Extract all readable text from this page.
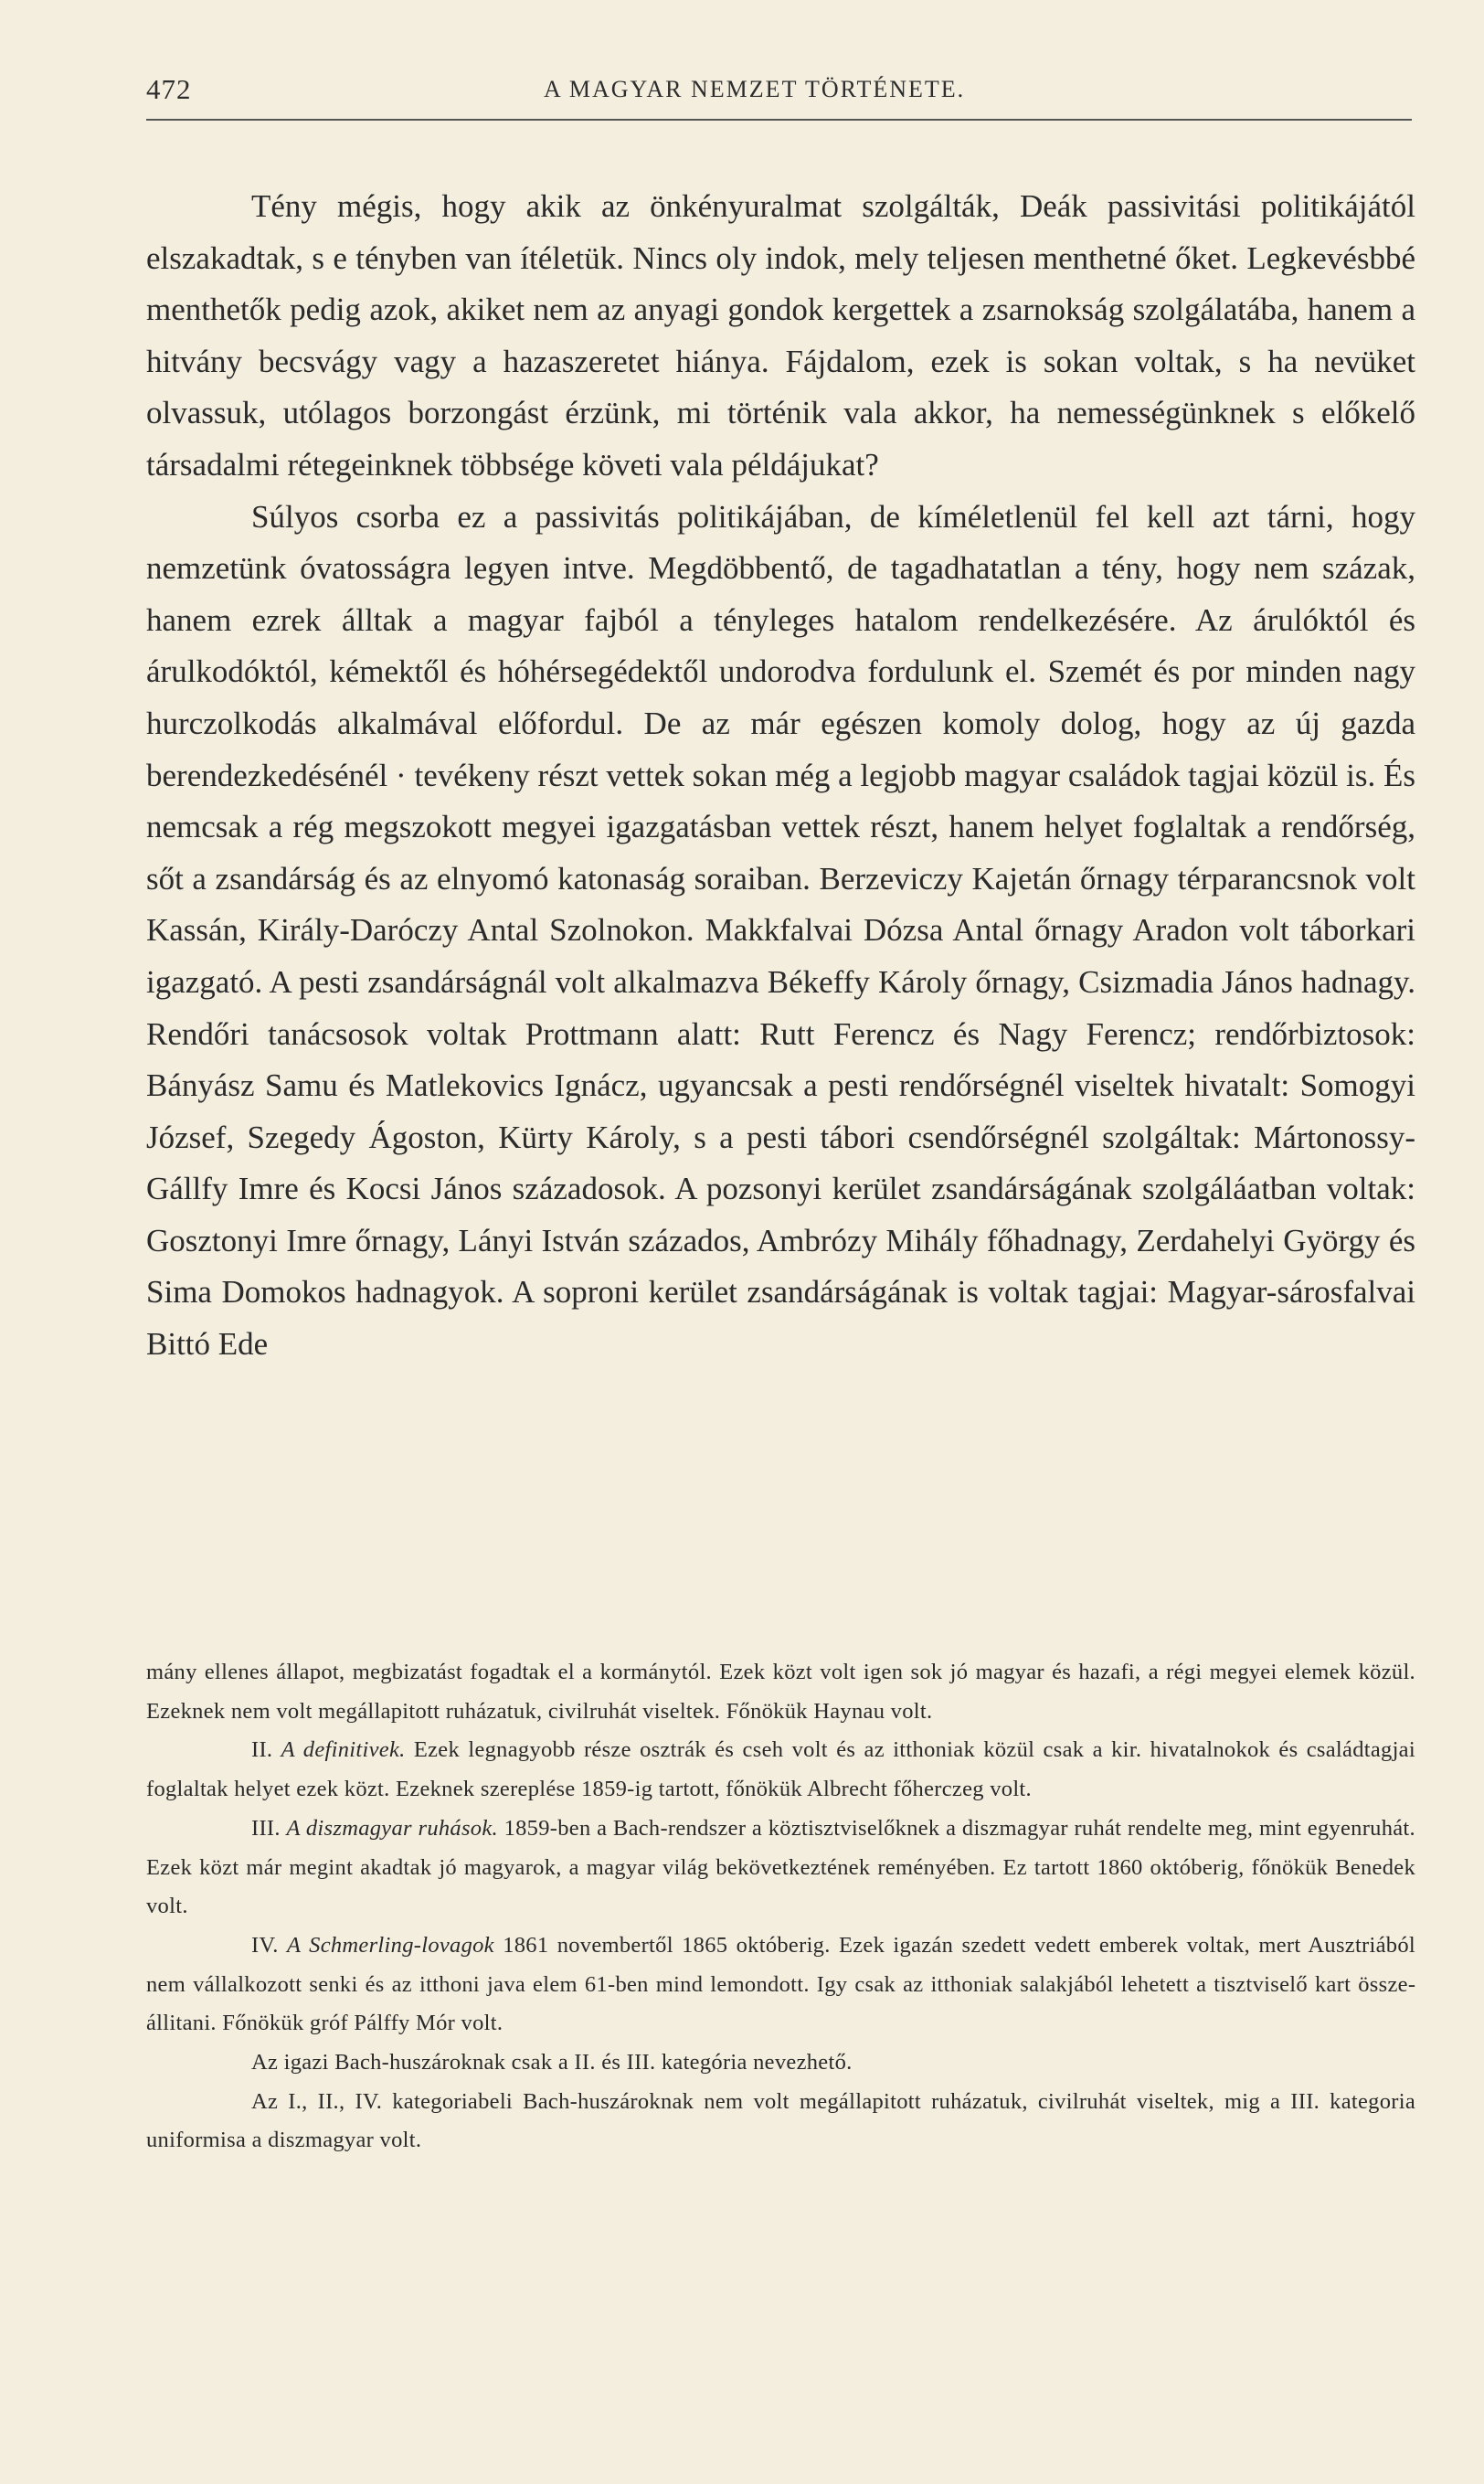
472	A MAGYAR NEMZET TÖRTÉNETE.

Tény mégis, hogy akik az önkényuralmat szolgálták, Deák passivitási politikájától elszakadtak, s e tényben van ítéletük. Nincs oly indok, mely teljesen menthetné őket. Legkevésbbé menthetők pedig azok, akiket nem az anyagi gondok kergettek a zsarnokság szolgálatába, hanem a hitvány becsvágy vagy a hazaszeretet hiánya. Fájdalom, ezek is sokan voltak, s ha nevüket olvassuk, utólagos borzongást érzünk, mi történik vala akkor, ha nemességünknek s előkelő társadalmi rétegeinknek többsége követi vala példájukat?

Súlyos csorba ez a passivitás politikájában, de kíméletlenül fel kell azt tárni, hogy nemzetünk óvatosságra legyen intve. Megdöbbentő, de tagadhatatlan a tény, hogy nem százak, hanem ezrek álltak a magyar fajból a tényleges hatalom rendelkezésére. Az árulóktól és árulkodóktól, kémektől és hóhérsegédektől undorodva fordulunk el. Szemét és por minden nagy hurczolkodás alkalmával előfordul. De az már egészen komoly dolog, hogy az új gazda berendezkedésénél · tevékeny részt vettek sokan még a legjobb magyar családok tagjai közül is. És nemcsak a rég megszokott megyei igazgatásban vettek részt, hanem helyet foglaltak a rendőrség, sőt a zsandárság és az elnyomó katonaság soraiban. Berzeviczy Kajetán őrnagy térparancsnok volt Kassán, Király-Daróczy Antal Szolnokon. Makkfalvai Dózsa Antal őrnagy Aradon volt táborkari igazgató. A pesti zsandárságnál volt alkalmazva Békeffy Károly őrnagy, Csizmadia János hadnagy. Rendőri tanácsosok voltak Prottmann alatt: Rutt Ferencz és Nagy Ferencz; rendőrbiztosok: Bányász Samu és Matlekovics Ignácz, ugyancsak a pesti rendőrségnél viseltek hivatalt: Somogyi József, Szegedy Ágoston, Kürty Károly, s a pesti tábori csendőrségnél szolgáltak: Mártonossy-Gállfy Imre és Kocsi János századosok. A pozsonyi kerület zsandárságának szolgáláatban voltak: Gosztonyi Imre őrnagy, Lányi István százados, Ambrózy Mihály főhadnagy, Zerdahelyi György és Sima Domokos hadnagyok. A soproni kerület zsandárságának is voltak tagjai: Magyar-sárosfalvai Bittó Ede

mány ellenes állapot, megbizatást fogadtak el a kormánytól. Ezek közt volt igen sok jó magyar és hazafi, a régi megyei elemek közül. Ezeknek nem volt megállapitott ruházatuk, civilruhát viseltek. Főnökük Haynau volt.

II. A definitivek. Ezek legnagyobb része osztrák és cseh volt és az itthoniak közül csak a kir. hivatalnokok és családtagjai foglaltak helyet ezek közt. Ezeknek szereplése 1859-ig tartott, főnökük Albrecht főherczeg volt.

III. A diszmagyar ruhások. 1859-ben a Bach-rendszer a köztisztviselőknek a diszmagyar ruhát rendelte meg, mint egyenruhát. Ezek közt már megint akadtak jó magyarok, a magyar világ bekövetkeztének reményében. Ez tartott 1860 októberig, főnökük Benedek volt.

IV. A Schmerling-lovagok 1861 novembertől 1865 októberig. Ezek igazán szedett vedett emberek voltak, mert Ausztriából nem vállalkozott senki és az itthoni java elem 61-ben mind lemondott. Igy csak az itthoniak salakjából lehetett a tisztviselő kart összeállitani. Főnökük gróf Pálffy Mór volt.

Az igazi Bach-huszároknak csak a II. és III. kategória nevezhető.

Az I., II., IV. kategoriabeli Bach-huszároknak nem volt megállapitott ruházatuk, civilruhát viseltek, mig a III. kategoria uniformisa a diszmagyar volt.
